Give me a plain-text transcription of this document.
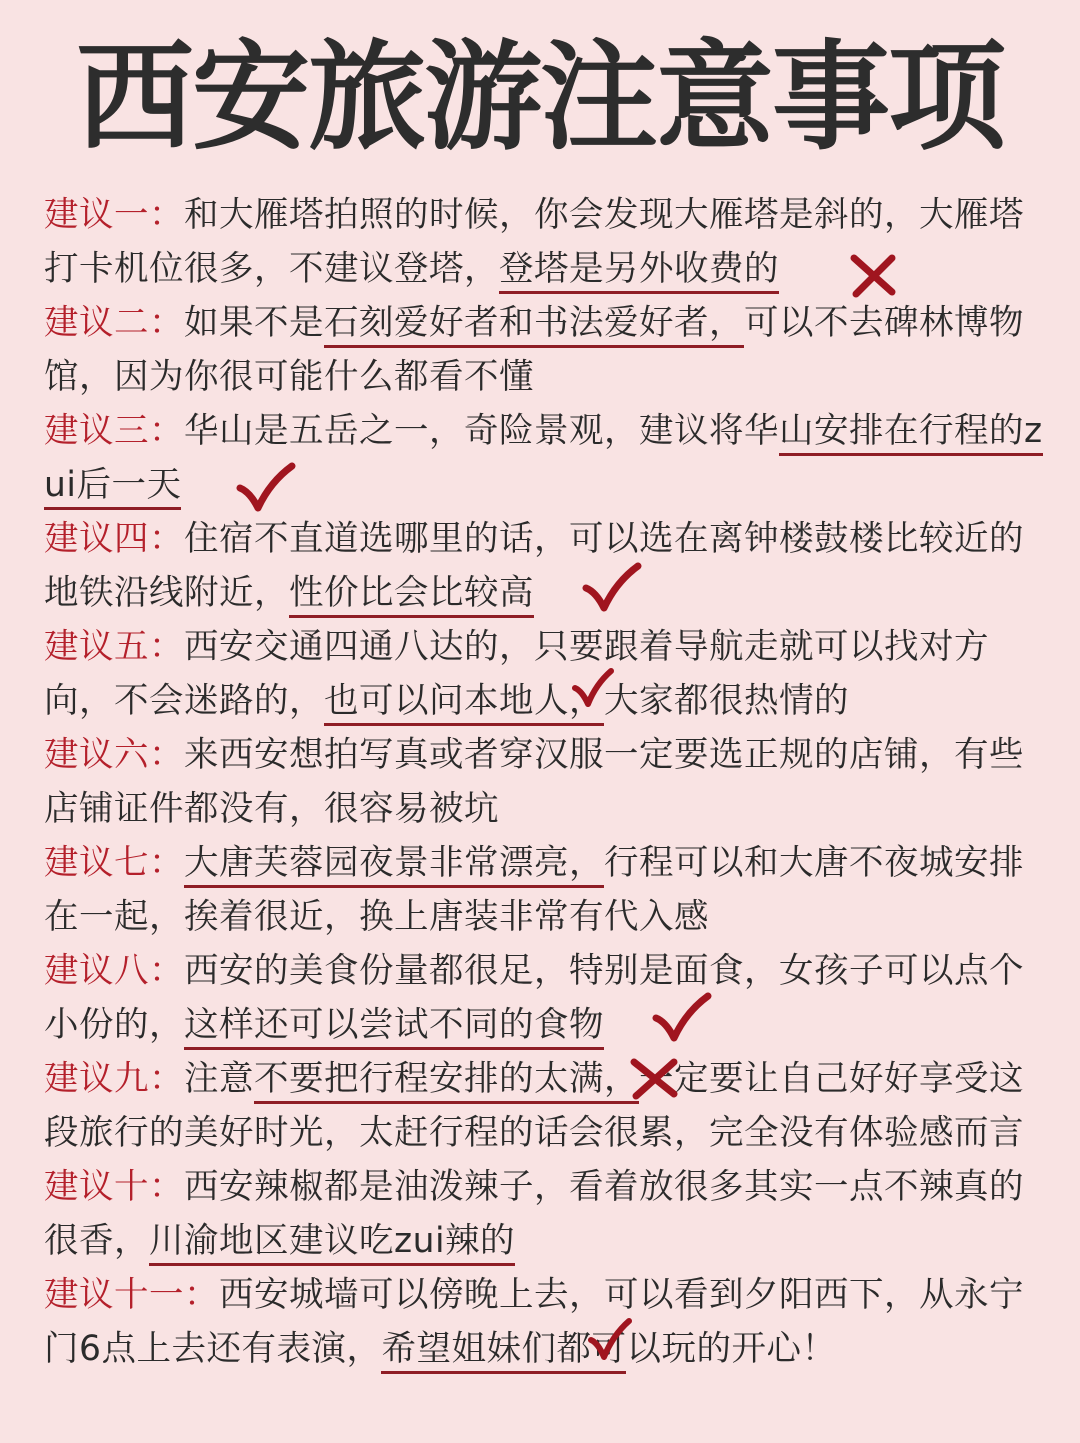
西安旅游注意事项

建议一：和大雁塔拍照的时候，你会发现大雁塔是斜的，大雁塔打卡机位很多，不建议登塔，登塔是另外收费的

建议二：如果不是石刻爱好者和书法爱好者，可以不去碑林博物馆，因为你很可能什么都看不懂

建议三：华山是五岳之一，奇险景观，建议将华山安排在行程的zui后一天

建议四：住宿不直道选哪里的话，可以选在离钟楼鼓楼比较近的地铁沿线附近，性价比会比较高

建议五：西安交通四通八达的，只要跟着导航走就可以找对方向，不会迷路的，也可以问本地人，大家都很热情的

建议六：来西安想拍写真或者穿汉服一定要选正规的店铺，有些店铺证件都没有，很容易被坑

建议七：大唐芙蓉园夜景非常漂亮，行程可以和大唐不夜城安排在一起，挨着很近，换上唐装非常有代入感

建议八：西安的美食份量都很足，特别是面食，女孩子可以点个小份的，这样还可以尝试不同的食物

建议九：注意不要把行程安排的太满，一定要让自己好好享受这段旅行的美好时光，太赶行程的话会很累，完全没有体验感而言

建议十：西安辣椒都是油泼辣子，看着放很多其实一点不辣真的很香，川渝地区建议吃zui辣的

建议十一：西安城墙可以傍晚上去，可以看到夕阳西下，从永宁门6点上去还有表演，希望姐妹们都可以玩的开心！
